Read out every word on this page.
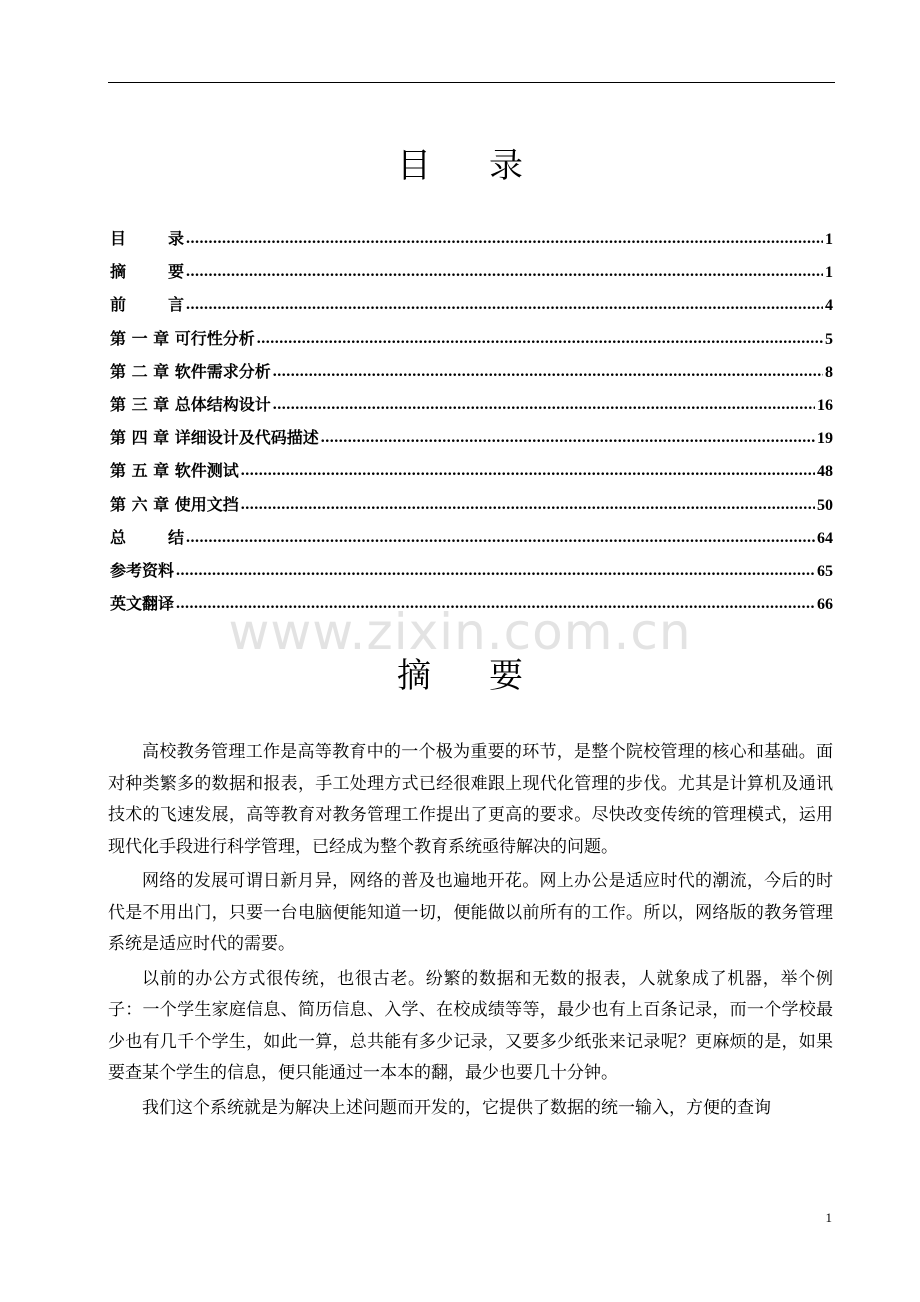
目录
目　录 .....	1
摘　要 .....	1
前　言 .....	4
第 一 章 可行性分析 .....	5
第 二 章 软件需求分析 .....	8
第 三 章 总体结构设计 .....	16
第 四 章 详细设计及代码描述 .....	19
第 五 章 软件测试 .....	48
第 六 章 使用文挡 .....	50
总　结 .....	64
参考资料 .....	65
英文翻译 .....	66
www.zixin.com.cn
摘要

高校教务管理工作是高等教育中的一个极为重要的环节，是整个院校管理的核心和基础。面对种类繁多的数据和报表，手工处理方式已经很难跟上现代化管理的步伐。尤其是计算机及通讯技术的飞速发展，高等教育对教务管理工作提出了更高的要求。尽快改变传统的管理模式，运用现代化手段进行科学管理，已经成为整个教育系统亟待解决的问题。

网络的发展可谓日新月异，网络的普及也遍地开花。网上办公是适应时代的潮流，今后的时代是不用出门，只要一台电脑便能知道一切，便能做以前所有的工作。所以，网络版的教务管理系统是适应时代的需要。

以前的办公方式很传统，也很古老。纷繁的数据和无数的报表，人就象成了机器，举个例子：一个学生家庭信息、简历信息、入学、在校成绩等等，最少也有上百条记录，而一个学校最少也有几千个学生，如此一算，总共能有多少记录，又要多少纸张来记录呢？更麻烦的是，如果要查某个学生的信息，便只能通过一本本的翻，最少也要几十分钟。

我们这个系统就是为解决上述问题而开发的，它提供了数据的统一输入，方便的查询

1
